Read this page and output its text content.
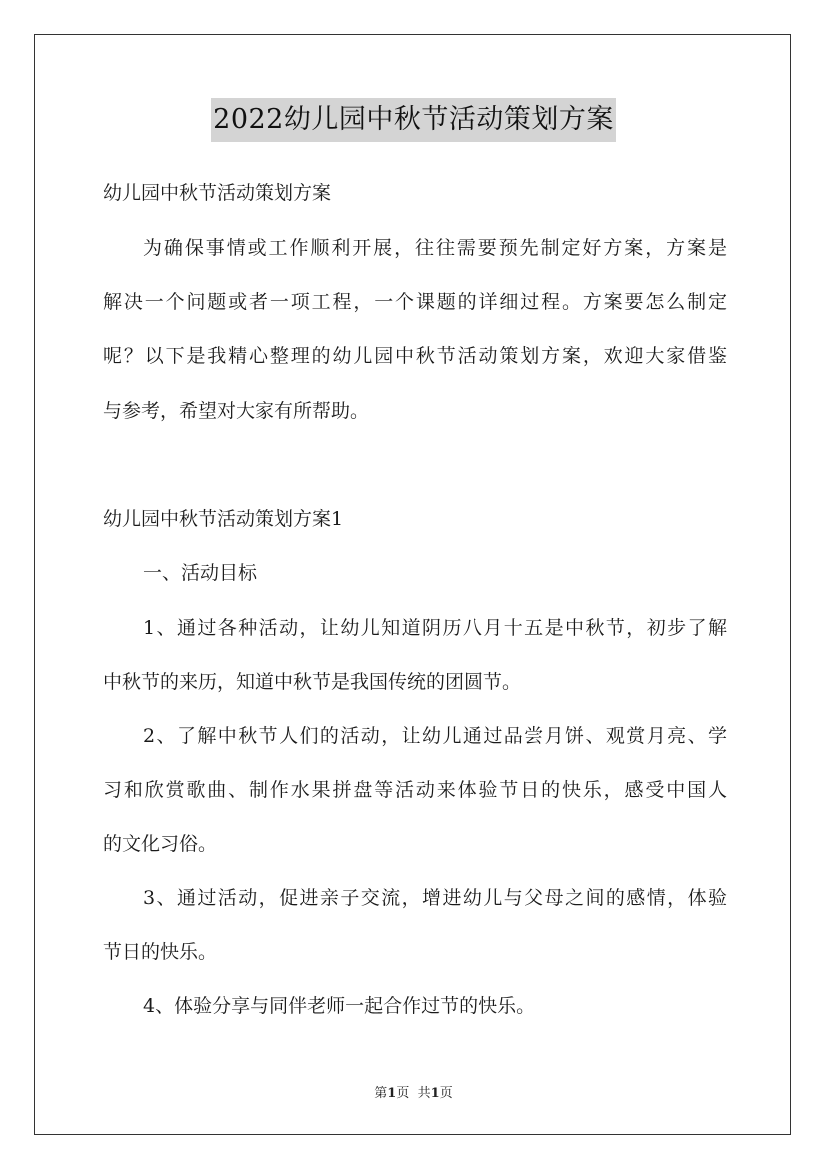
2022幼儿园中秋节活动策划方案
幼儿园中秋节活动策划方案
为确保事情或工作顺利开展，往往需要预先制定好方案，方案是
解决一个问题或者一项工程，一个课题的详细过程。方案要怎么制定
呢？以下是我精心整理的幼儿园中秋节活动策划方案，欢迎大家借鉴
与参考，希望对大家有所帮助。
幼儿园中秋节活动策划方案1
一、活动目标
1、通过各种活动，让幼儿知道阴历八月十五是中秋节，初步了解
中秋节的来历，知道中秋节是我国传统的团圆节。
2、了解中秋节人们的活动，让幼儿通过品尝月饼、观赏月亮、学
习和欣赏歌曲、制作水果拼盘等活动来体验节日的快乐，感受中国人
的文化习俗。
3、通过活动，促进亲子交流，增进幼儿与父母之间的感情，体验
节日的快乐。
4、体验分享与同伴老师一起合作过节的快乐。
第1页 共1页
